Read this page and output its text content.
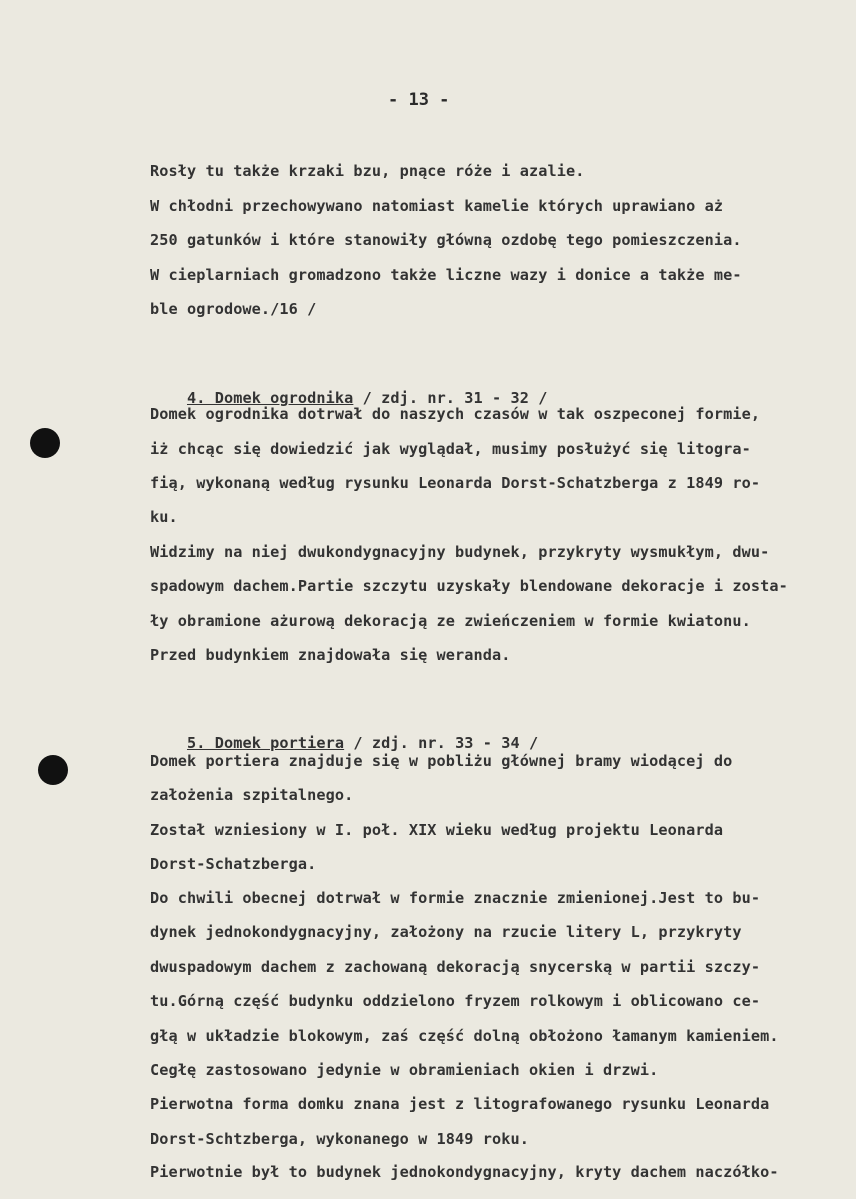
- 13 -
Rosły tu także krzaki bzu, pnące róże i azalie.
W chłodni przechowywano natomiast kamelie których uprawiano aż
250 gatunków i które stanowiły główną ozdobę tego pomieszczenia.
W cieplarniach gromadzono także liczne wazy i donice a także me-
ble ogrodowe./16 /

4. Domek ogrodnika / zdj. nr. 31 - 32 /

Domek ogrodnika dotrwał do naszych czasów w tak oszpeconej formie,
iż chcąc się dowiedzić jak wyglądał, musimy posłużyć się litogra-
fią, wykonaną według rysunku Leonarda Dorst-Schatzberga z 1849 ro-
ku.
Widzimy na niej dwukondygnacyjny budynek, przykryty wysmukłym, dwu-
spadowym dachem.Partie szczytu uzyskały blendowane dekoracje i zosta-
ły obramione ażurową dekoracją ze zwieńczeniem w formie kwiatonu.
Przed budynkiem znajdowała się weranda.

5. Domek portiera / zdj. nr. 33 - 34 /

Domek portiera znajduje się w pobliżu głównej bramy wiodącej do
założenia szpitalnego.
Został wzniesiony w I. poł. XIX wieku według projektu Leonarda
Dorst-Schatzberga.
Do chwili obecnej dotrwał w formie znacznie zmienionej.Jest to bu-
dynek jednokondygnacyjny, założony na rzucie litery L, przykryty
dwuspadowym dachem z zachowaną dekoracją snycerską w partii szczy-
tu.Górną część budynku oddzielono fryzem rolkowym i oblicowano ce-
głą w układzie blokowym, zaś część dolną obłożono łamanym kamieniem.
Cegłę zastosowano jedynie w obramieniach okien i drzwi.
Pierwotna forma domku znana jest z litografowanego rysunku Leonarda
Dorst-Schtzberga, wykonanego w 1849 roku.
Pierwotnie był to budynek jednokondygnacyjny, kryty dachem naczółko-
